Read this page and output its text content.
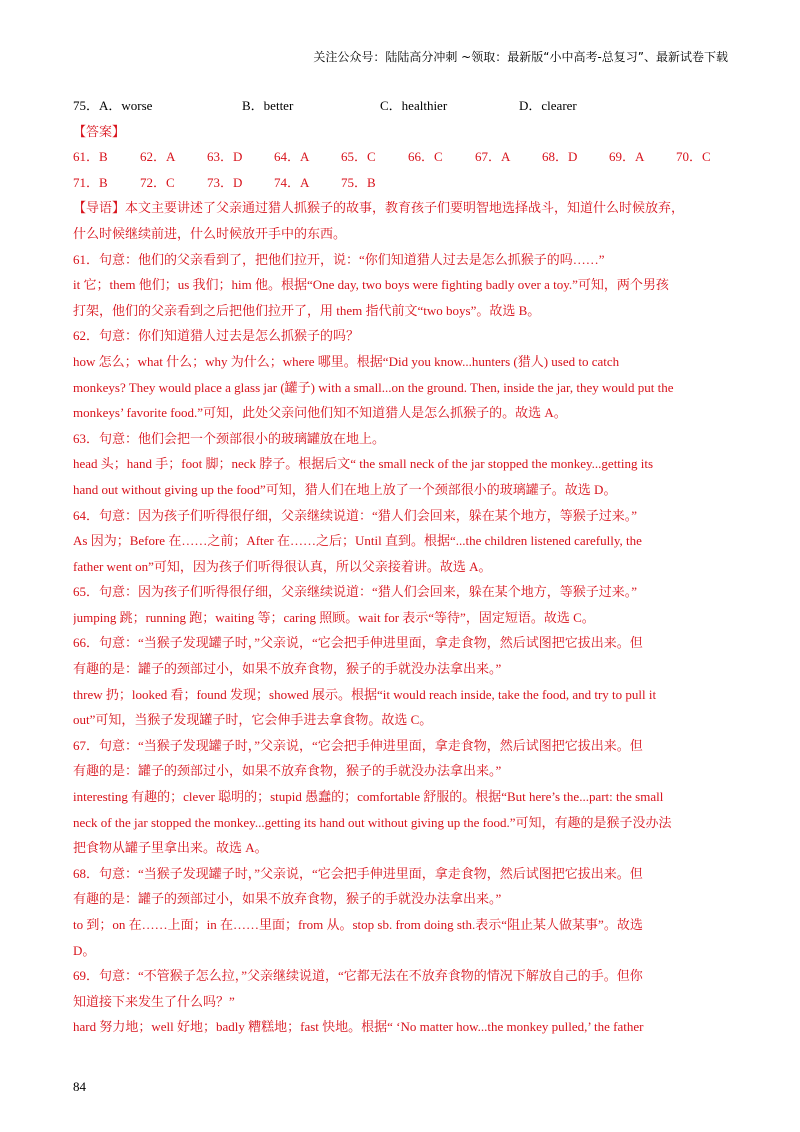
关注公众号：陆陆高分冲刺 ~领取：最新版“小中高考-总复习”、最新试卷下载
75．A．worse	B．better	C．healthier	D．clearer
【答案】
61．B 62．A 63．D 64．A 65．C 66．C 67．A 68．D 69．A 70．C
71．B 72．C 73．D 74．A 75．B
【导语】本文主要讲述了父亲通过猎人抓猴子的故事，教育孩子们要明智地选择战斗，知道什么时候放弃，
什么时候继续前进，什么时候放开手中的东西。
61．句意：他们的父亲看到了，把他们拉开，说：“你们知道猎人过去是怎么抓猴子的吗……”
it 它；them 他们；us 我们；him 他。根据“One day, two boys were fighting badly over a toy.”可知，两个男孩
打架，他们的父亲看到之后把他们拉开了，用 them 指代前文“two boys”。故选 B。
62．句意：你们知道猎人过去是怎么抓猴子的吗？
how 怎么；what 什么；why 为什么；where 哪里。根据“Did you know...hunters (猎人) used to catch
monkeys? They would place a glass jar (罐子) with a small...on the ground. Then, inside the jar, they would put the
monkeys’ favorite food.”可知，此处父亲问他们知不知道猎人是怎么抓猴子的。故选 A。
63．句意：他们会把一个颈部很小的玻璃罐放在地上。
head 头；hand 手；foot 脚；neck 脖子。根据后文“ the small neck of the jar stopped the monkey...getting its
hand out without giving up the food”可知，猎人们在地上放了一个颈部很小的玻璃罐子。故选 D。
64．句意：因为孩子们听得很仔细，父亲继续说道：“猎人们会回来，躲在某个地方，等猴子过来。”
As 因为；Before 在……之前；After 在……之后；Until 直到。根据“...the children listened carefully, the
father went on”可知，因为孩子们听得很认真，所以父亲接着讲。故选 A。
65．句意：因为孩子们听得很仔细，父亲继续说道：“猎人们会回来，躲在某个地方，等猴子过来。”
jumping 跳；running 跑；waiting 等；caring 照顾。wait for 表示“等待”，固定短语。故选 C。
66．句意：“当猴子发现罐子时，”父亲说，“它会把手伸进里面，拿走食物，然后试图把它拔出来。但
有趣的是：罐子的颈部过小，如果不放弃食物，猴子的手就没办法拿出来。”
threw 扔；looked 看；found 发现；showed 展示。根据“it would reach inside, take the food, and try to pull it
out”可知，当猴子发现罐子时，它会伸手进去拿食物。故选 C。
67．句意：“当猴子发现罐子时，”父亲说，“它会把手伸进里面，拿走食物，然后试图把它拔出来。但
有趣的是：罐子的颈部过小，如果不放弃食物，猴子的手就没办法拿出来。”
interesting 有趣的；clever 聪明的；stupid 愚蠢的；comfortable 舒服的。根据“But here’s the...part: the small
neck of the jar stopped the monkey...getting its hand out without giving up the food.”可知，有趣的是猴子没办法
把食物从罐子里拿出来。故选 A。
68．句意：“当猴子发现罐子时，”父亲说，“它会把手伸进里面，拿走食物，然后试图把它拔出来。但
有趣的是：罐子的颈部过小，如果不放弃食物，猴子的手就没办法拿出来。”
to 到；on 在……上面；in 在……里面；from 从。stop sb. from doing sth.表示“阻止某人做某事”。故选
D。
69．句意：“不管猴子怎么拉，”父亲继续说道，“它都无法在不放弃食物的情况下解放自己的手。但你
知道接下来发生了什么吗？”
hard 努力地；well 好地；badly 糟糕地；fast 快地。根据“ ‘No matter how...the monkey pulled,’ the father
84
